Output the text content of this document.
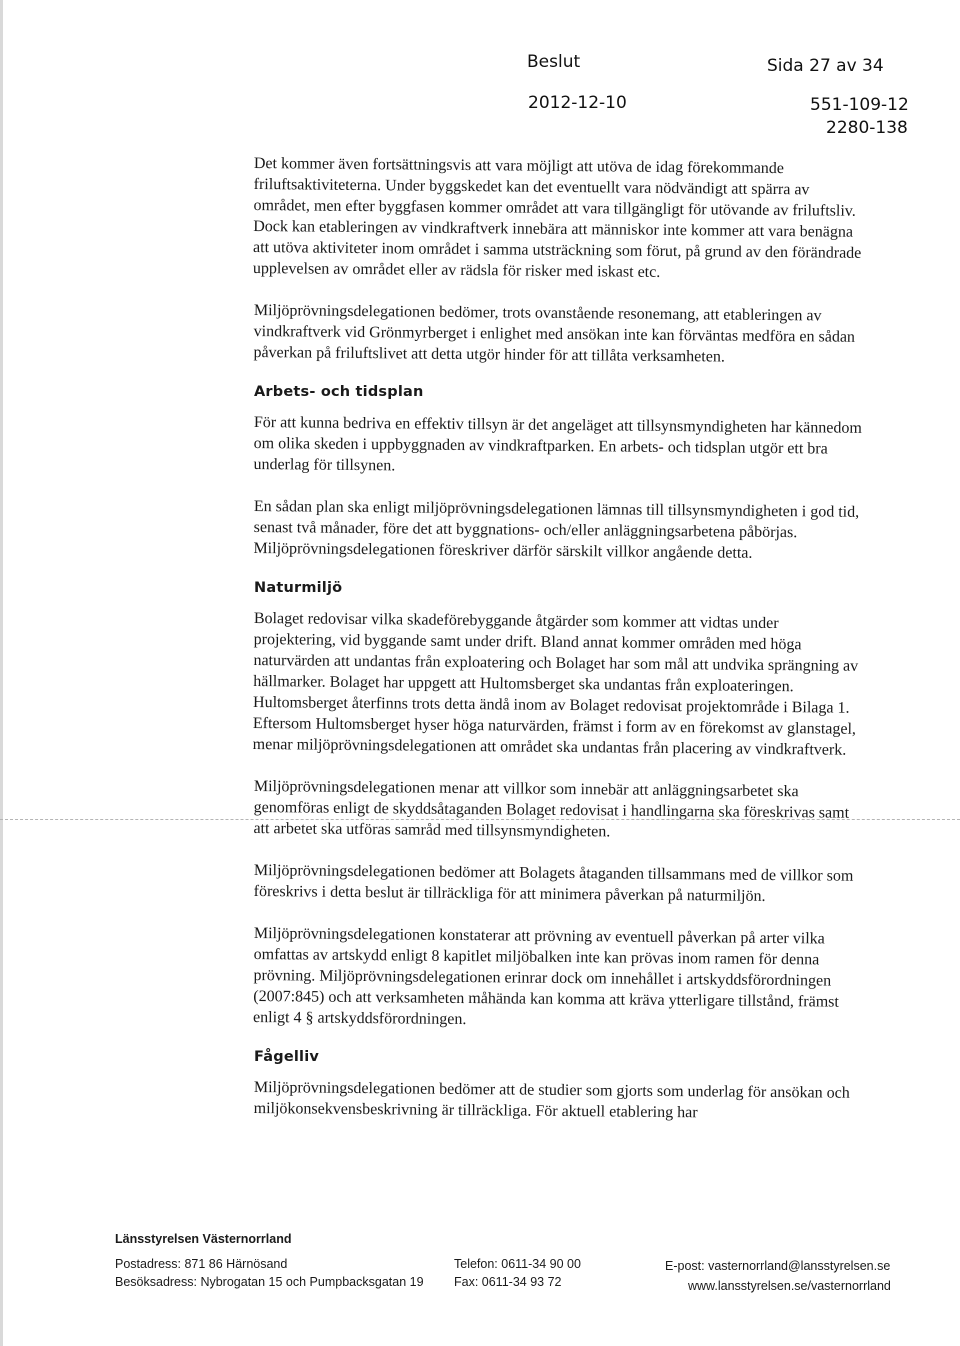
Beslut	Sida 27 av 34
2012-12-10	551-109-12
2280-138

Det kommer även fortsättningsvis att vara möjligt att utöva de idag förekommande friluftsaktiviteterna. Under byggskedet kan det eventuellt vara nödvändigt att spärra av området, men efter byggfasen kommer området att vara tillgängligt för utövande av friluftsliv. Dock kan etableringen av vindkraftverk innebära att människor inte kommer att vara benägna att utöva aktiviteter inom området i samma utsträckning som förut, på grund av den förändrade upplevelsen av området eller av rädsla för risker med iskast etc.

Miljöprövningsdelegationen bedömer, trots ovanstående resonemang, att etableringen av vindkraftverk vid Grönmyrberget i enlighet med ansökan inte kan förväntas medföra en sådan påverkan på friluftslivet att detta utgör hinder för att tillåta verksamheten.

Arbets- och tidsplan

För att kunna bedriva en effektiv tillsyn är det angeläget att tillsynsmyndigheten har kännedom om olika skeden i uppbyggnaden av vindkraftparken. En arbets- och tidsplan utgör ett bra underlag för tillsynen.

En sådan plan ska enligt miljöprövningsdelegationen lämnas till tillsynsmyndigheten i god tid, senast två månader, före det att byggnations- och/eller anläggningsarbetena påbörjas. Miljöprövningsdelegationen föreskriver därför särskilt villkor angående detta.

Naturmiljö

Bolaget redovisar vilka skadeförebyggande åtgärder som kommer att vidtas under projektering, vid byggande samt under drift. Bland annat kommer områden med höga naturvärden att undantas från exploatering och Bolaget har som mål att undvika sprängning av hällmarker. Bolaget har uppgett att Hultomsberget ska undantas från exploateringen. Hultomsberget återfinns trots detta ändå inom av Bolaget redovisat projektområde i Bilaga 1. Eftersom Hultomsberget hyser höga naturvärden, främst i form av en förekomst av glanstagel, menar miljöprövningsdelegationen att området ska undantas från placering av vindkraftverk.

Miljöprövningsdelegationen menar att villkor som innebär att anläggningsarbetet ska genomföras enligt de skyddsåtaganden Bolaget redovisat i handlingarna ska föreskrivas samt att arbetet ska utföras samråd med tillsynsmyndigheten.

Miljöprövningsdelegationen bedömer att Bolagets åtaganden tillsammans med de villkor som föreskrivs i detta beslut är tillräckliga för att minimera påverkan på naturmiljön.

Miljöprövningsdelegationen konstaterar att prövning av eventuell påverkan på arter vilka omfattas av artskydd enligt 8 kapitlet miljöbalken inte kan prövas inom ramen för denna prövning. Miljöprövningsdelegationen erinrar dock om innehållet i artskyddsförordningen (2007:845) och att verksamheten måhända kan komma att kräva ytterligare tillstånd, främst enligt 4 § artskyddsförordningen.

Fågelliv

Miljöprövningsdelegationen bedömer att de studier som gjorts som underlag för ansökan och miljökonsekvensbeskrivning är tillräckliga. För aktuell etablering har

Länsstyrelsen Västernorrland
Postadress: 871 86 Härnösand
Besöksadress: Nybrogatan 15 och Pumpbacksgatan 19
Telefon: 0611-34 90 00
Fax: 0611-34 93 72
E-post: vasternorrland@lansstyrelsen.se
www.lansstyrelsen.se/vasternorrland
